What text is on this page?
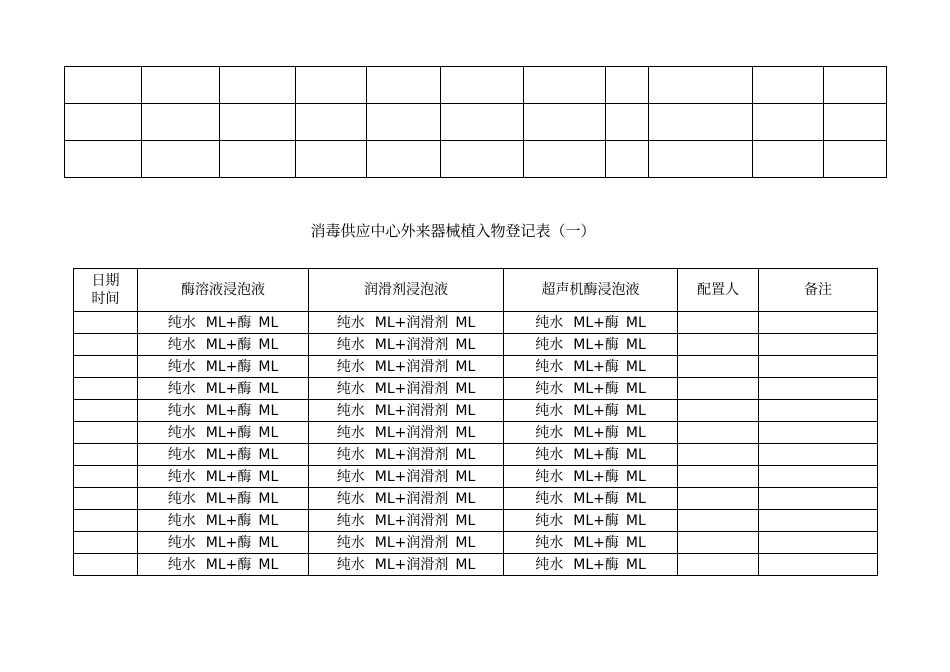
消毒供应中心外来器械植入物登记表（一）
日期
时间	酶溶液浸泡液	润滑剂浸泡液	超声机酶浸泡液	配置人	备注
	纯水 ML+酶 ML	纯水 ML+润滑剂 ML	纯水 ML+酶 ML		
	纯水 ML+酶 ML	纯水 ML+润滑剂 ML	纯水 ML+酶 ML		
	纯水 ML+酶 ML	纯水 ML+润滑剂 ML	纯水 ML+酶 ML		
	纯水 ML+酶 ML	纯水 ML+润滑剂 ML	纯水 ML+酶 ML		
	纯水 ML+酶 ML	纯水 ML+润滑剂 ML	纯水 ML+酶 ML		
	纯水 ML+酶 ML	纯水 ML+润滑剂 ML	纯水 ML+酶 ML		
	纯水 ML+酶 ML	纯水 ML+润滑剂 ML	纯水 ML+酶 ML		
	纯水 ML+酶 ML	纯水 ML+润滑剂 ML	纯水 ML+酶 ML		
	纯水 ML+酶 ML	纯水 ML+润滑剂 ML	纯水 ML+酶 ML		
	纯水 ML+酶 ML	纯水 ML+润滑剂 ML	纯水 ML+酶 ML		
	纯水 ML+酶 ML	纯水 ML+润滑剂 ML	纯水 ML+酶 ML		
	纯水 ML+酶 ML	纯水 ML+润滑剂 ML	纯水 ML+酶 ML		
